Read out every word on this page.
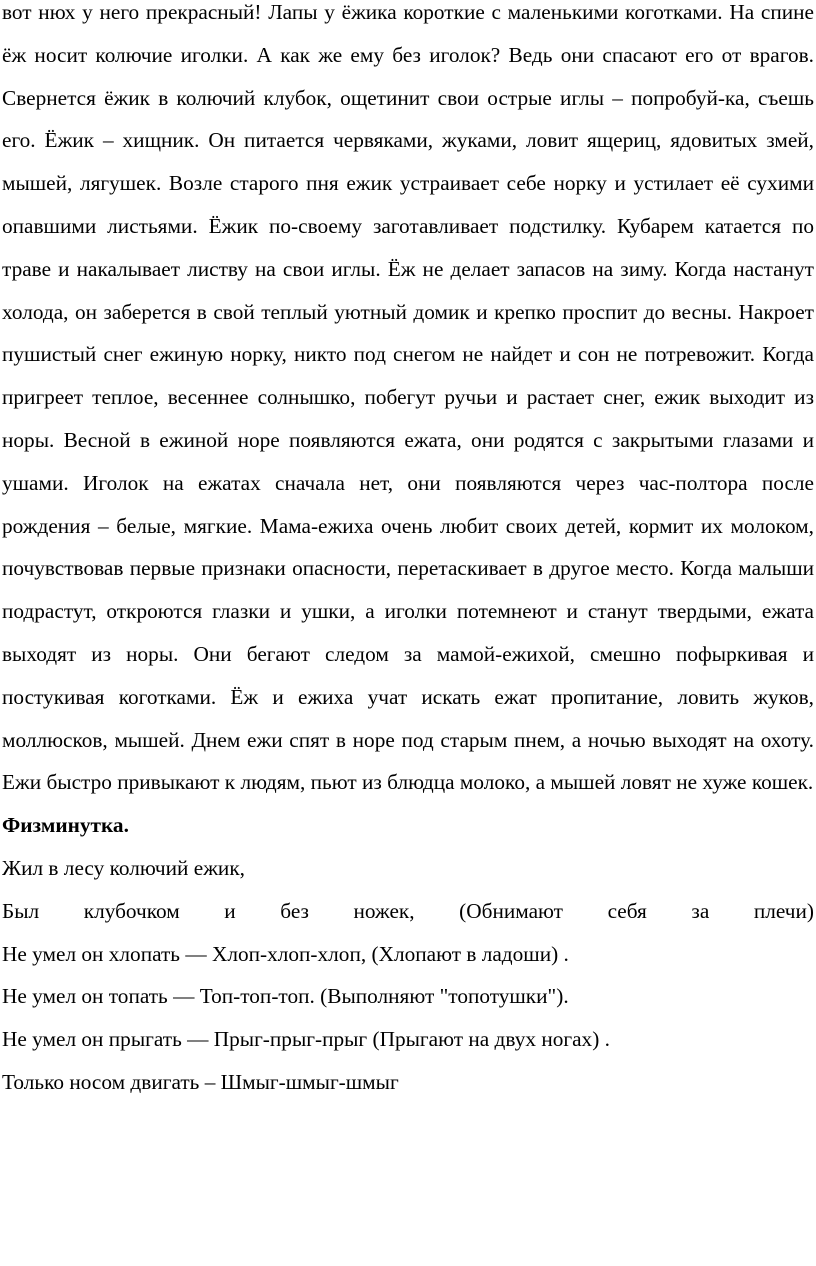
вот нюх у него прекрасный! Лапы у ёжика короткие с маленькими коготками. На спине ёж носит колючие иголки. А как же ему без иголок? Ведь они спасают его от врагов. Свернется ёжик в колючий клубок, ощетинит свои острые иглы – попробуй-ка, съешь его. Ёжик – хищник. Он питается червяками, жуками, ловит ящериц, ядовитых змей, мышей, лягушек. Возле старого пня ежик устраивает себе норку и устилает её сухими опавшими листьями. Ёжик по-своему заготавливает подстилку. Кубарем катается по траве и накалывает листву на свои иглы. Ёж не делает запасов на зиму. Когда настанут холода, он заберется в свой теплый уютный домик и крепко проспит до весны. Накроет пушистый снег ежиную норку, никто под снегом не найдет и сон не потревожит. Когда пригреет теплое, весеннее солнышко, побегут ручьи и растает снег, ежик выходит из норы. Весной в ежиной норе появляются ежата, они родятся с закрытыми глазами и ушами. Иголок на ежатах сначала нет, они появляются через час-полтора после рождения – белые, мягкие. Мама-ежиха очень любит своих детей, кормит их молоком, почувствовав первые признаки опасности, перетаскивает в другое место. Когда малыши подрастут, откроются глазки и ушки, а иголки потемнеют и станут твердыми, ежата выходят из норы. Они бегают следом за мамой-ежихой, смешно пофыркивая и постукивая коготками. Ёж и ежиха учат искать ежат пропитание, ловить жуков, моллюсков, мышей. Днем ежи спят в норе под старым пнем, а ночью выходят на охоту. Ежи быстро привыкают к людям, пьют из блюдца молоко, а мышей ловят не хуже кошек.

Физминутка.

Жил в лесу колючий ежик,

Был клубочком и без ножек, (Обнимают себя за плечи)

Не умел он хлопать — Хлоп-хлоп-хлоп, (Хлопают в ладоши) .

Не умел он топать — Топ-топ-топ. (Выполняют "топотушки").

Не умел он прыгать — Прыг-прыг-прыг (Прыгают на двух ногах) .

Только носом двигать – Шмыг-шмыг-шмыг
